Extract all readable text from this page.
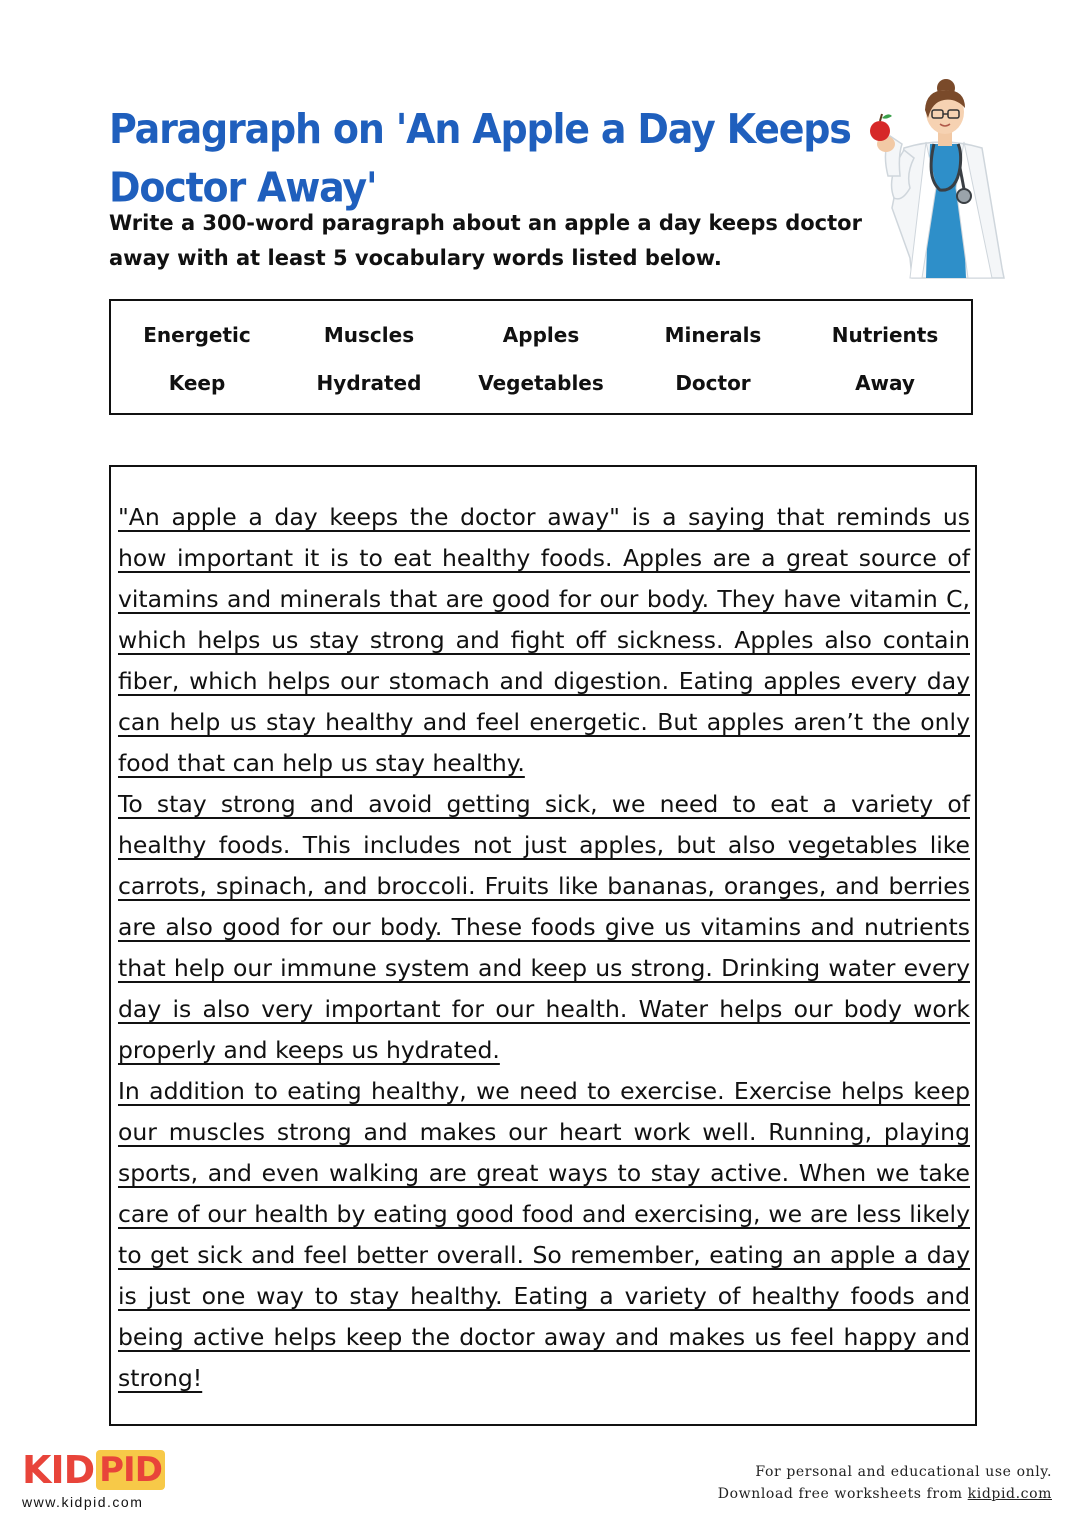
Paragraph on 'An Apple a Day Keeps Doctor Away'

Write a 300-word paragraph about an apple a day keeps doctor away with at least 5 vocabulary words listed below.

Energetic	Muscles	Apples	Minerals	Nutrients
Keep	Hydrated	Vegetables	Doctor	Away

"An apple a day keeps the doctor away" is a saying that reminds us how important it is to eat healthy foods. Apples are a great source of vitamins and minerals that are good for our body. They have vitamin C, which helps us stay strong and fight off sickness. Apples also contain fiber, which helps our stomach and digestion. Eating apples every day can help us stay healthy and feel energetic. But apples aren’t the only food that can help us stay healthy.

To stay strong and avoid getting sick, we need to eat a variety of healthy foods. This includes not just apples, but also vegetables like carrots, spinach, and broccoli. Fruits like bananas, oranges, and berries are also good for our body. These foods give us vitamins and nutrients that help our immune system and keep us strong. Drinking water every day is also very important for our health. Water helps our body work properly and keeps us hydrated.

In addition to eating healthy, we need to exercise. Exercise helps keep our muscles strong and makes our heart work well. Running, playing sports, and even walking are great ways to stay active. When we take care of our health by eating good food and exercising, we are less likely to get sick and feel better overall. So remember, eating an apple a day is just one way to stay healthy. Eating a variety of healthy foods and being active helps keep the doctor away and makes us feel happy and strong!

KID PID
www.kidpid.com
For personal and educational use only.
Download free worksheets from kidpid.com
